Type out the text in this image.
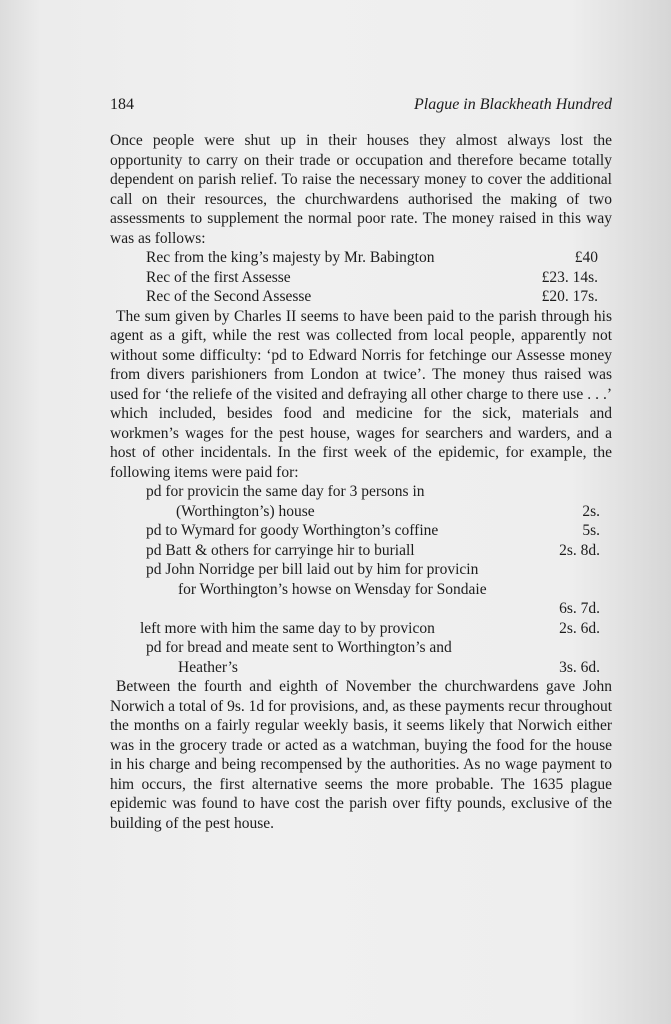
184	Plague in Blackheath Hundred

Once people were shut up in their houses they almost always lost the opportunity to carry on their trade or occupation and therefore became totally dependent on parish relief. To raise the necessary money to cover the additional call on their resources, the churchwardens authorised the making of two assessments to supplement the normal poor rate. The money raised in this way was as follows:

Rec from the king’s majesty by Mr. Babington	£40
Rec of the first Assesse	£23. 14s.
Rec of the Second Assesse	£20. 17s.

The sum given by Charles II seems to have been paid to the parish through his agent as a gift, while the rest was collected from local people, apparently not without some difficulty: ‘pd to Edward Norris for fetchinge our Assesse money from divers parishioners from London at twice’. The money thus raised was used for ‘the reliefe of the visited and defraying all other charge to there use . . .’ which included, besides food and medicine for the sick, materials and workmen’s wages for the pest house, wages for searchers and warders, and a host of other incidentals. In the first week of the epidemic, for example, the following items were paid for:

pd for provicin the same day for 3 persons in
(Worthington’s) house	2s.
pd to Wymard for goody Worthington’s coffine	5s.
pd Batt & others for carryinge hir to buriall	2s. 8d.
pd John Norridge per bill laid out by him for provicin
for Worthington’s howse on Wensday for Sondaie
6s. 7d.
left more with him the same day to by provicon	2s. 6d.
pd for bread and meate sent to Worthington’s and
Heather’s	3s. 6d.

Between the fourth and eighth of November the churchwardens gave John Norwich a total of 9s. 1d for provisions, and, as these payments recur throughout the months on a fairly regular weekly basis, it seems likely that Norwich either was in the grocery trade or acted as a watchman, buying the food for the house in his charge and being recompensed by the authorities. As no wage payment to him occurs, the first alternative seems the more probable. The 1635 plague epidemic was found to have cost the parish over fifty pounds, exclusive of the building of the pest house.
